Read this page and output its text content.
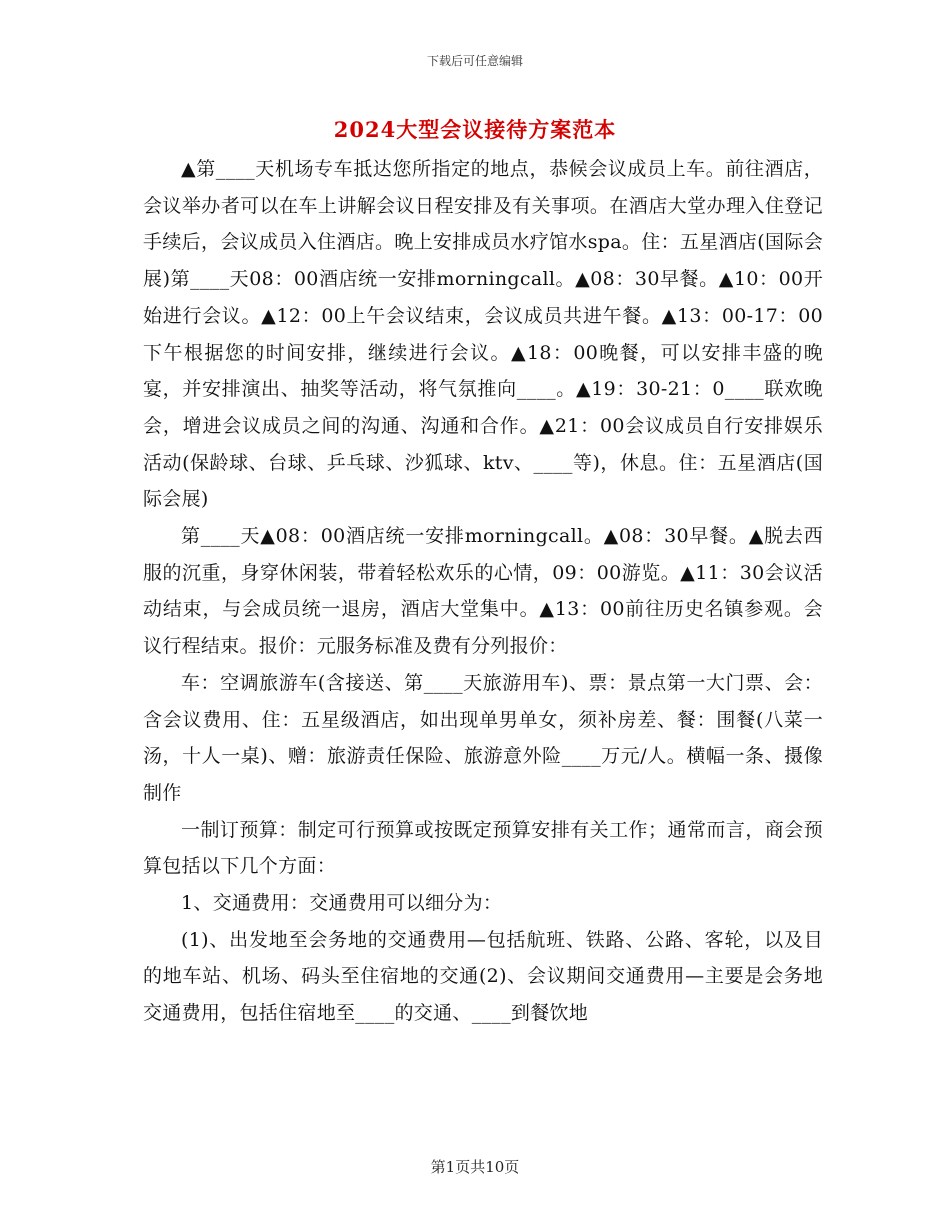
下载后可任意编辑
2024大型会议接待方案范本

▲第____天机场专车抵达您所指定的地点，恭候会议成员上车。前往酒店，会议举办者可以在车上讲解会议日程安排及有关事项。在酒店大堂办理入住登记手续后，会议成员入住酒店。晚上安排成员水疗馆水spa。住：五星酒店(国际会展)第____天08：00酒店统一安排morningcall。▲08：30早餐。▲10：00开始进行会议。▲12：00上午会议结束，会议成员共进午餐。▲13：00-17：00下午根据您的时间安排，继续进行会议。▲18：00晚餐，可以安排丰盛的晚宴，并安排演出、抽奖等活动，将气氛推向____。▲19：30-21：0____联欢晚会，增进会议成员之间的沟通、沟通和合作。▲21：00会议成员自行安排娱乐活动(保龄球、台球、乒乓球、沙狐球、ktv、____等)，休息。住：五星酒店(国际会展)

第____天▲08：00酒店统一安排morningcall。▲08：30早餐。▲脱去西服的沉重，身穿休闲装，带着轻松欢乐的心情，09：00游览。▲11：30会议活动结束，与会成员统一退房，酒店大堂集中。▲13：00前往历史名镇参观。会议行程结束。报价：元服务标准及费有分列报价：

车：空调旅游车(含接送、第____天旅游用车)、票：景点第一大门票、会：含会议费用、住：五星级酒店，如出现单男单女，须补房差、餐：围餐(八菜一汤，十人一桌)、赠：旅游责任保险、旅游意外险____万元/人。横幅一条、摄像制作

一制订预算：制定可行预算或按既定预算安排有关工作；通常而言，商会预算包括以下几个方面：

1、交通费用：交通费用可以细分为：

(1)、出发地至会务地的交通费用—包括航班、铁路、公路、客轮，以及目的地车站、机场、码头至住宿地的交通(2)、会议期间交通费用—主要是会务地交通费用，包括住宿地至____的交通、____到餐饮地

第1页共10页
